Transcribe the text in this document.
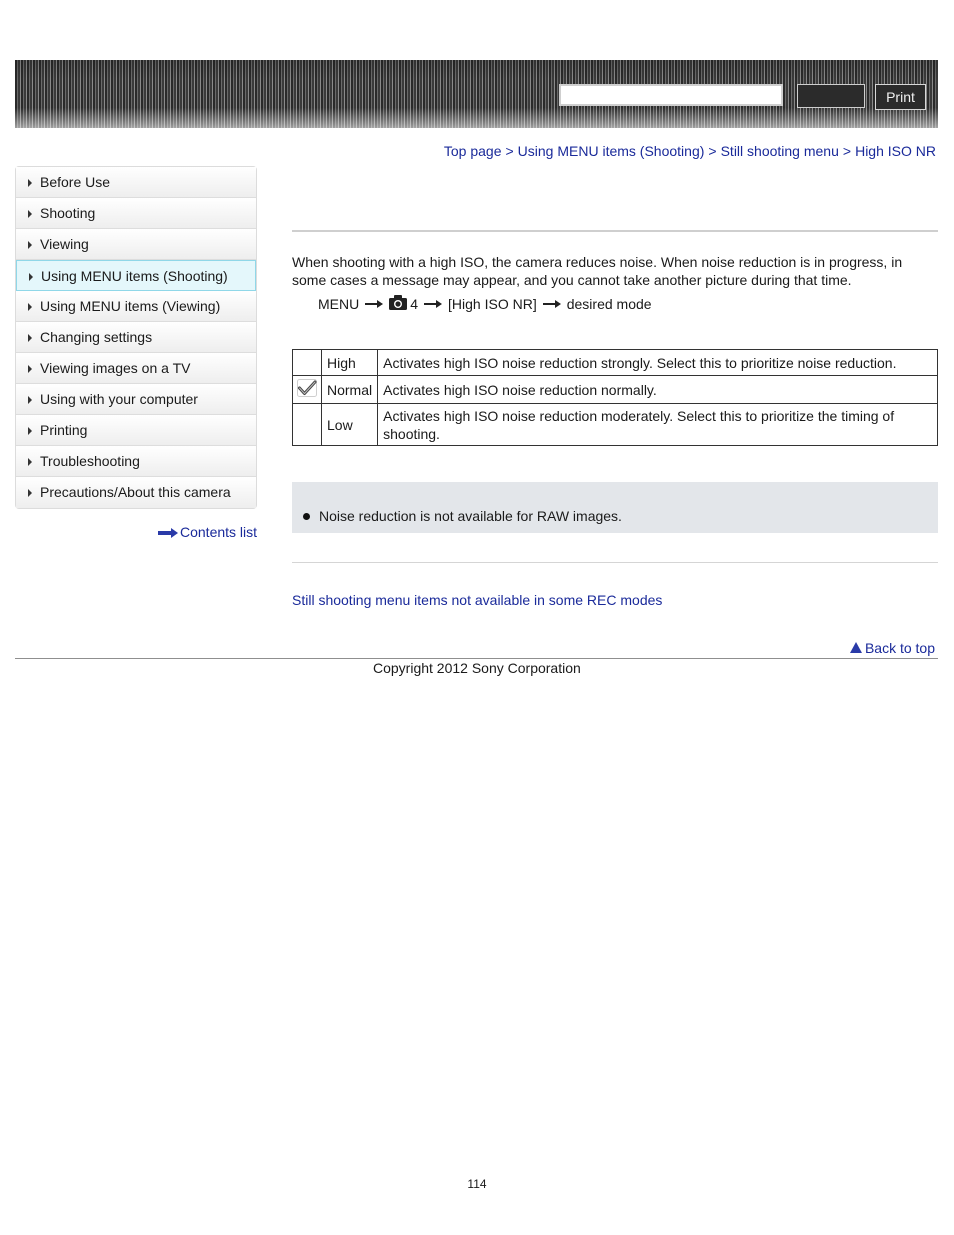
Print
Top page > Using MENU items (Shooting) > Still shooting menu > High ISO NR
Before Use
Shooting
Viewing
Using MENU items (Shooting)
Using MENU items (Viewing)
Changing settings
Viewing images on a TV
Using with your computer
Printing
Troubleshooting
Precautions/About this camera
Contents list
When shooting with a high ISO, the camera reduces noise. When noise reduction is in progress, in some cases a message may appear, and you cannot take another picture during that time.
MENU	4 [High ISO NR] desired mode
	High	Activates high ISO noise reduction strongly. Select this to prioritize noise reduction.
	Normal	Activates high ISO noise reduction normally.
	Low	Activates high ISO noise reduction moderately. Select this to prioritize the timing of shooting.
Noise reduction is not available for RAW images.
Still shooting menu items not available in some REC modes
Back to top
Copyright 2012 Sony Corporation
114
